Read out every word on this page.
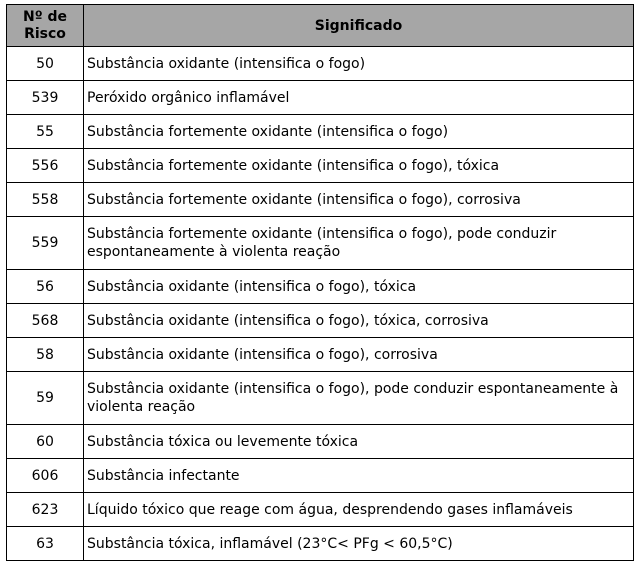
Nº de
Risco	Significado
50	Substância oxidante (intensifica o fogo)
539	Peróxido orgânico inflamável
55	Substância fortemente oxidante (intensifica o fogo)
556	Substância fortemente oxidante (intensifica o fogo), tóxica
558	Substância fortemente oxidante (intensifica o fogo), corrosiva
559	Substância fortemente oxidante (intensifica o fogo), pode conduzir espontaneamente à violenta reação
56	Substância oxidante (intensifica o fogo), tóxica
568	Substância oxidante (intensifica o fogo), tóxica, corrosiva
58	Substância oxidante (intensifica o fogo), corrosiva
59	Substância oxidante (intensifica o fogo), pode conduzir espontaneamente à violenta reação
60	Substância tóxica ou levemente tóxica
606	Substância infectante
623	Líquido tóxico que reage com água, desprendendo gases inflamáveis
63	Substância tóxica, inflamável (23°C< PFg < 60,5°C)
